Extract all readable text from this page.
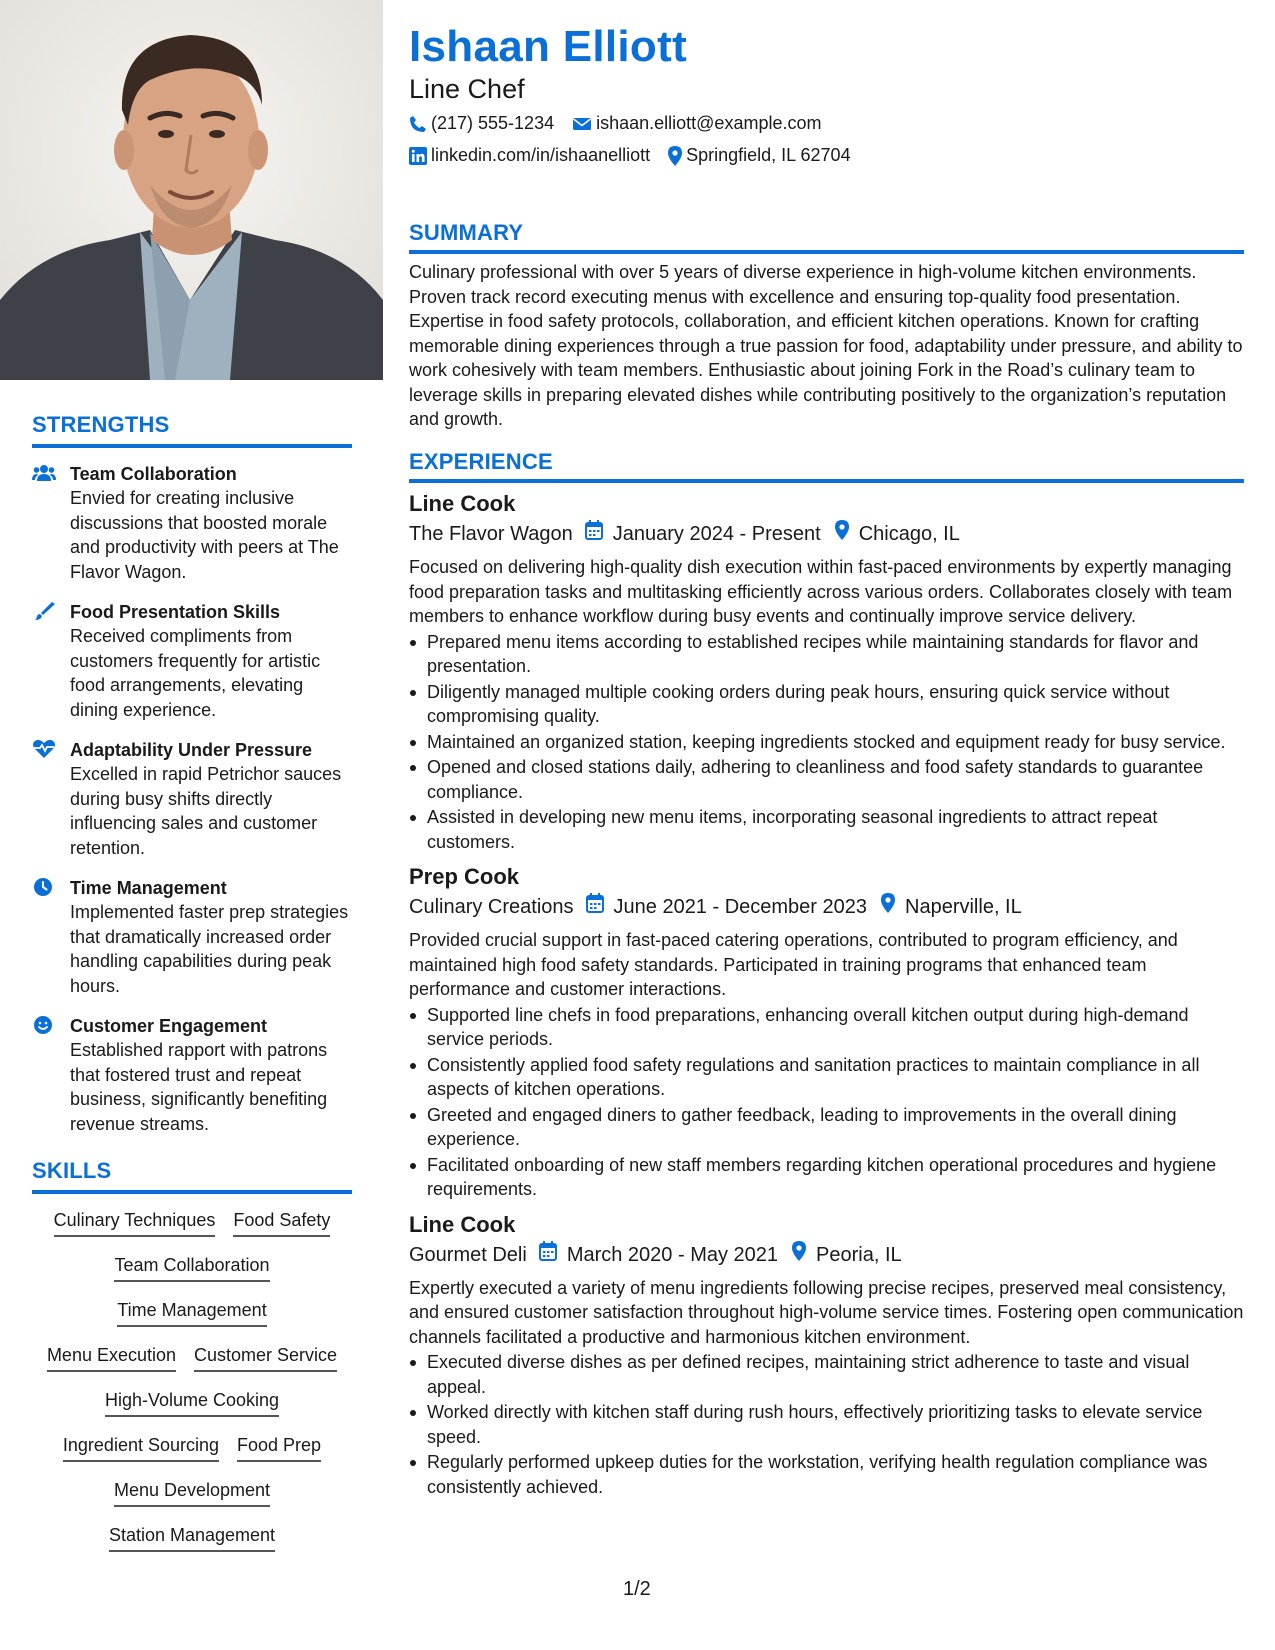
STRENGTHS
Team Collaboration
Envied for creating inclusive discussions that boosted morale and productivity with peers at The Flavor Wagon.
Food Presentation Skills
Received compliments from customers frequently for artistic food arrangements, elevating dining experience.
Adaptability Under Pressure
Excelled in rapid Petrichor sauces during busy shifts directly influencing sales and customer retention.
Time Management
Implemented faster prep strategies that dramatically increased order handling capabilities during peak hours.
Customer Engagement
Established rapport with patrons that fostered trust and repeat business, significantly benefiting revenue streams.
SKILLS
Culinary Techniques Food Safety
Team Collaboration
Time Management
Menu Execution Customer Service
High-Volume Cooking
Ingredient Sourcing Food Prep
Menu Development
Station Management
Ishaan Elliott
Line Chef
(217) 555-1234 ishaan.elliott@example.com
linkedin.com/in/ishaanelliott Springfield, IL 62704
SUMMARY
Culinary professional with over 5 years of diverse experience in high-volume kitchen environments. Proven track record executing menus with excellence and ensuring top-quality food presentation. Expertise in food safety protocols, collaboration, and efficient kitchen operations. Known for crafting memorable dining experiences through a true passion for food, adaptability under pressure, and ability to work cohesively with team members. Enthusiastic about joining Fork in the Road’s culinary team to leverage skills in preparing elevated dishes while contributing positively to the organization’s reputation and growth.
EXPERIENCE
Line Cook
The Flavor Wagon January 2024 - Present Chicago, IL
Focused on delivering high-quality dish execution within fast-paced environments by expertly managing food preparation tasks and multitasking efficiently across various orders. Collaborates closely with team members to enhance workflow during busy events and continually improve service delivery.
Prepared menu items according to established recipes while maintaining standards for flavor and presentation.
Diligently managed multiple cooking orders during peak hours, ensuring quick service without compromising quality.
Maintained an organized station, keeping ingredients stocked and equipment ready for busy service.
Opened and closed stations daily, adhering to cleanliness and food safety standards to guarantee compliance.
Assisted in developing new menu items, incorporating seasonal ingredients to attract repeat customers.
Prep Cook
Culinary Creations June 2021 - December 2023 Naperville, IL
Provided crucial support in fast-paced catering operations, contributed to program efficiency, and maintained high food safety standards. Participated in training programs that enhanced team performance and customer interactions.
Supported line chefs in food preparations, enhancing overall kitchen output during high-demand service periods.
Consistently applied food safety regulations and sanitation practices to maintain compliance in all aspects of kitchen operations.
Greeted and engaged diners to gather feedback, leading to improvements in the overall dining experience.
Facilitated onboarding of new staff members regarding kitchen operational procedures and hygiene requirements.
Line Cook
Gourmet Deli March 2020 - May 2021 Peoria, IL
Expertly executed a variety of menu ingredients following precise recipes, preserved meal consistency, and ensured customer satisfaction throughout high-volume service times. Fostering open communication channels facilitated a productive and harmonious kitchen environment.
Executed diverse dishes as per defined recipes, maintaining strict adherence to taste and visual appeal.
Worked directly with kitchen staff during rush hours, effectively prioritizing tasks to elevate service speed.
Regularly performed upkeep duties for the workstation, verifying health regulation compliance was consistently achieved.
1/2
